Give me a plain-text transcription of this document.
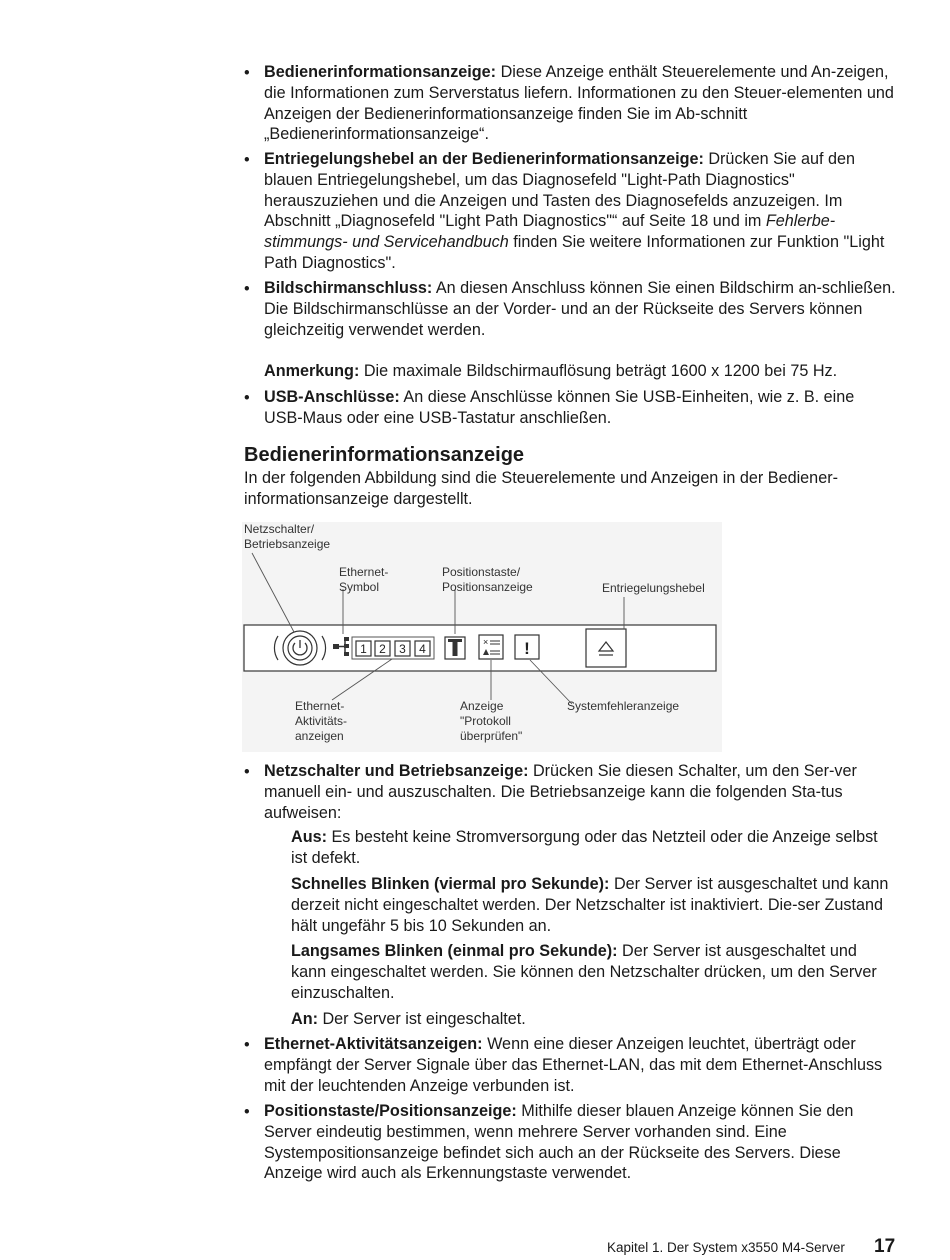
• Bedienerinformationsanzeige: Diese Anzeige enthält Steuerelemente und An-zeigen, die Informationen zum Serverstatus liefern. Informationen zu den Steuer-elementen und Anzeigen der Bedienerinformationsanzeige finden Sie im Ab-schnitt „Bedienerinformationsanzeige“.
• Entriegelungshebel an der Bedienerinformationsanzeige: Drücken Sie auf den blauen Entriegelungshebel, um das Diagnosefeld "Light-Path Diagnostics" herauszuziehen und die Anzeigen und Tasten des Diagnosefelds anzuzeigen. Im Abschnitt „Diagnosefeld "Light Path Diagnostics"“ auf Seite 18 und im Fehlerbe-stimmungs- und Servicehandbuch finden Sie weitere Informationen zur Funktion "Light Path Diagnostics".
• Bildschirmanschluss: An diesen Anschluss können Sie einen Bildschirm an-schließen. Die Bildschirmanschlüsse an der Vorder- und an der Rückseite des Servers können gleichzeitig verwendet werden.
Anmerkung: Die maximale Bildschirmauflösung beträgt 1600 x 1200 bei 75 Hz.
• USB-Anschlüsse: An diese Anschlüsse können Sie USB-Einheiten, wie z. B. eine USB-Maus oder eine USB-Tastatur anschließen.
Bedienerinformationsanzeige
In der folgenden Abbildung sind die Steuerelemente und Anzeigen in der Bediener-informationsanzeige dargestellt.
• Netzschalter und Betriebsanzeige: Drücken Sie diesen Schalter, um den Ser-ver manuell ein- und auszuschalten. Die Betriebsanzeige kann die folgenden Sta-tus aufweisen:
Aus: Es besteht keine Stromversorgung oder das Netzteil oder die Anzeige selbst ist defekt.
Schnelles Blinken (viermal pro Sekunde): Der Server ist ausgeschaltet und kann derzeit nicht eingeschaltet werden. Der Netzschalter ist inaktiviert. Die-ser Zustand hält ungefähr 5 bis 10 Sekunden an.
Langsames Blinken (einmal pro Sekunde): Der Server ist ausgeschaltet und kann eingeschaltet werden. Sie können den Netzschalter drücken, um den Server einzuschalten.
An: Der Server ist eingeschaltet.
• Ethernet-Aktivitätsanzeigen: Wenn eine dieser Anzeigen leuchtet, überträgt oder empfängt der Server Signale über das Ethernet-LAN, das mit dem Ethernet-Anschluss mit der leuchtenden Anzeige verbunden ist.
• Positionstaste/Positionsanzeige: Mithilfe dieser blauen Anzeige können Sie den Server eindeutig bestimmen, wenn mehrere Server vorhanden sind. Eine Systempositionsanzeige befindet sich auch an der Rückseite des Servers. Diese Anzeige wird auch als Erkennungstaste verwendet.
1 2 3 4	× !
Netzschalter/
Betriebsanzeige
Ethernet-
Symbol
Positionstaste/
Positionsanzeige	Entriegelungshebel
Ethernet-
Aktivitäts-
anzeigen
Anzeige
"Protokoll
überprüfen"
Systemfehleranzeige
Kapitel 1. Der System x3550 M4-Server 17
